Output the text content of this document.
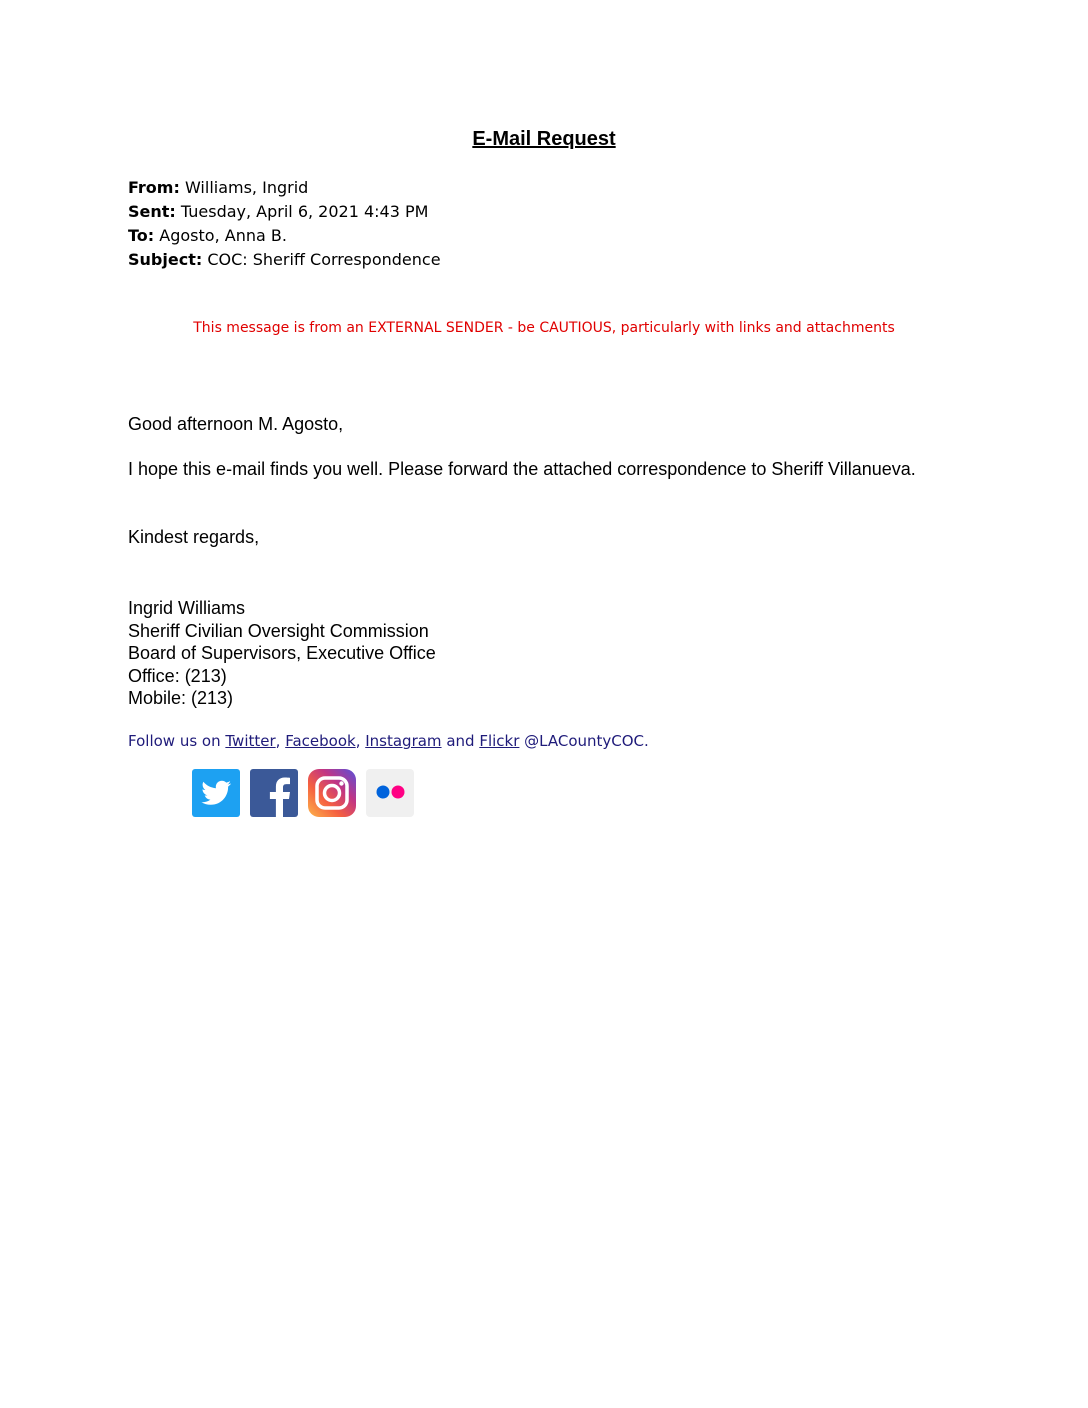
E-Mail Request
From: Williams, Ingrid
Sent: Tuesday, April 6, 2021 4:43 PM
To: Agosto, Anna B.
Subject: COC: Sheriff Correspondence
This message is from an EXTERNAL SENDER - be CAUTIOUS, particularly with links and attachments
Good afternoon M. Agosto,
I hope this e-mail finds you well. Please forward the attached correspondence to Sheriff Villanueva.
Kindest regards,
Ingrid Williams
Sheriff Civilian Oversight Commission
Board of Supervisors, Executive Office
Office: (213)
Mobile: (213)
Follow us on Twitter, Facebook, Instagram and Flickr @LACountyCOC.
